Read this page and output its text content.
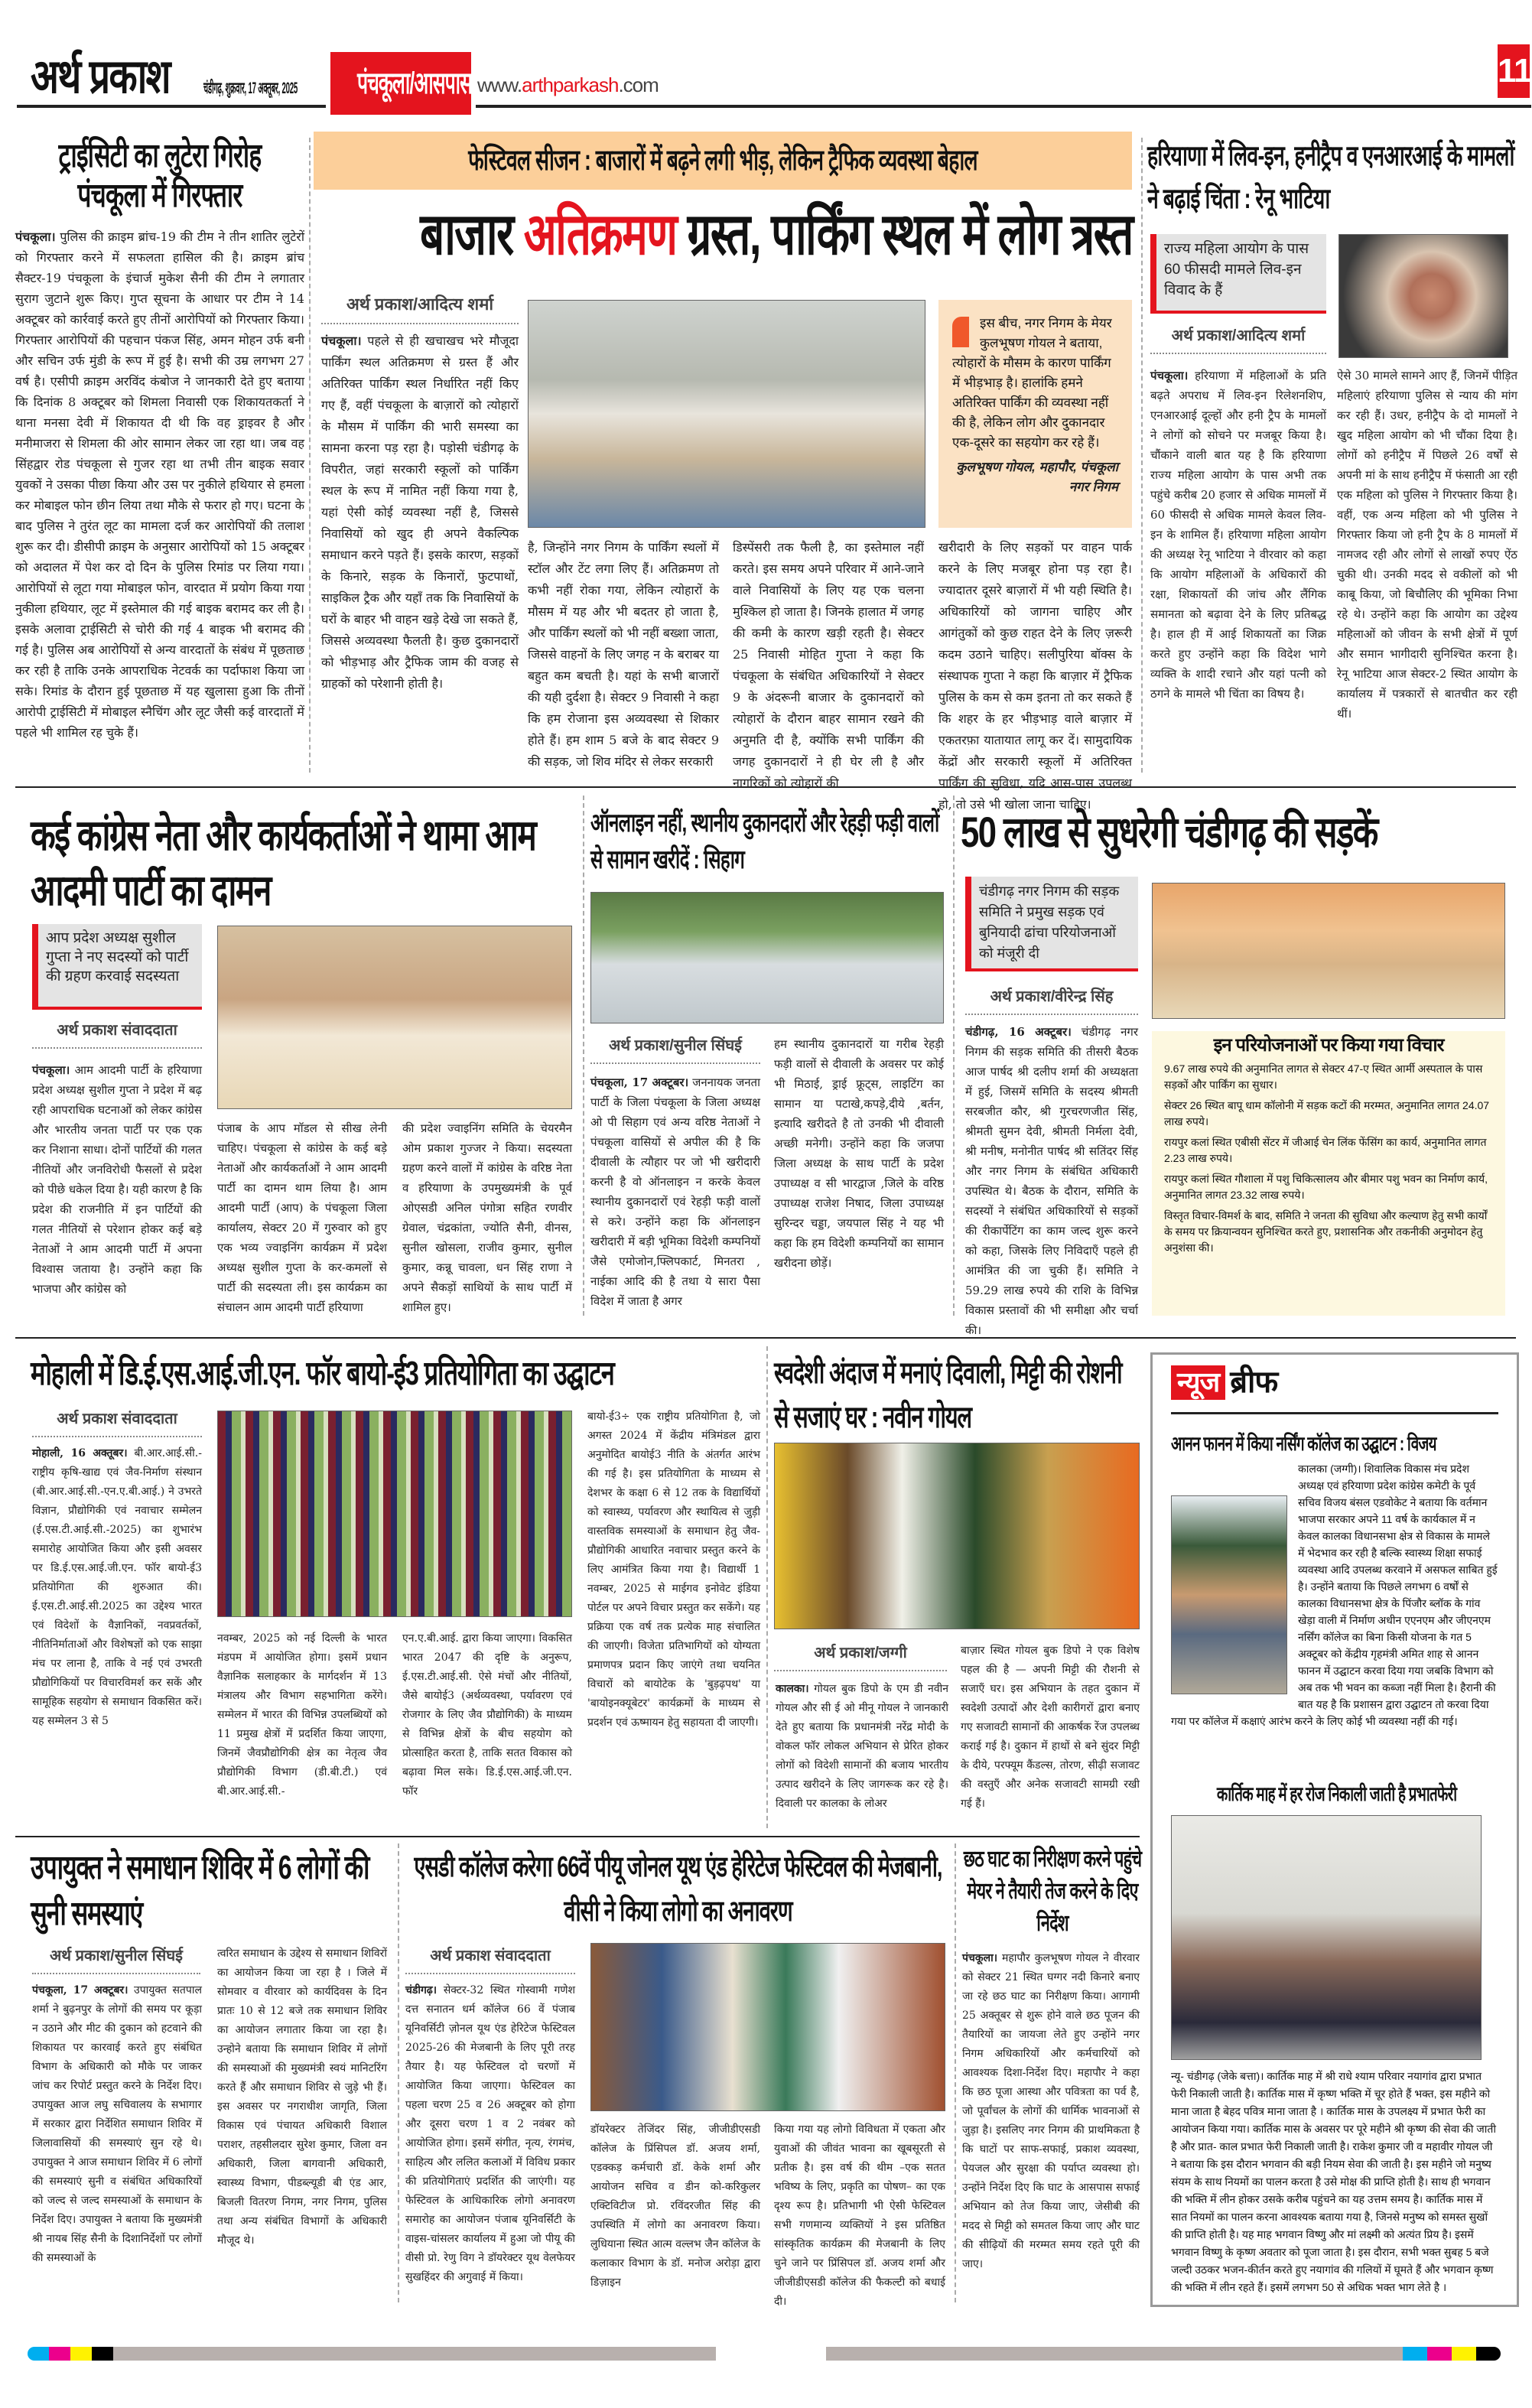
अर्थ प्रकाश चंडीगढ़, शुक्रवार, 17 अक्तूबर, 2025 पंचकूला/आसपास www.arthparkash.com	11
ट्राईसिटी का लुटेरा गिरोह
पंचकूला में गिरफ्तार
पंचकूला। पुलिस की क्राइम ब्रांच-19 की टीम ने तीन शातिर लुटेरों को गिरफ्तार करने में सफलता हासिल की है। क्राइम ब्रांच सैक्टर-19 पंचकूला के इंचार्ज मुकेश सैनी की टीम ने लगातार सुराग जुटाने शुरू किए। गुप्त सूचना के आधार पर टीम ने 14 अक्टूबर को कार्रवाई करते हुए तीनों आरोपियों को गिरफ्तार किया। गिरफ्तार आरोपियों की पहचान पंकज सिंह, अमन मोहन उर्फ बनी और सचिन उर्फ मुंडी के रूप में हुई है। सभी की उम्र लगभग 27 वर्ष है। एसीपी क्राइम अरविंद कंबोज ने जानकारी देते हुए बताया कि दिनांक 8 अक्टूबर को शिमला निवासी एक शिकायतकर्ता ने थाना मनसा देवी में शिकायत दी थी कि वह ड्राइवर है और मनीमाजरा से शिमला की ओर सामान लेकर जा रहा था। जब वह सिंहद्वार रोड पंचकूला से गुजर रहा था तभी तीन बाइक सवार युवकों ने उसका पीछा किया और उस पर नुकीले हथियार से हमला कर मोबाइल फोन छीन लिया तथा मौके से फरार हो गए। घटना के बाद पुलिस ने तुरंत लूट का मामला दर्ज कर आरोपियों की तलाश शुरू कर दी। डीसीपी क्राइम के अनुसार आरोपियों को 15 अक्टूबर को अदालत में पेश कर दो दिन के पुलिस रिमांड पर लिया गया। आरोपियों से लूटा गया मोबाइल फोन, वारदात में प्रयोग किया गया नुकीला हथियार, लूट में इस्तेमाल की गई बाइक बरामद कर ली है। इसके अलावा ट्राईसिटी से चोरी की गई 4 बाइक भी बरामद की गई है। पुलिस अब आरोपियों से अन्य वारदातों के संबंध में पूछताछ कर रही है ताकि उनके आपराधिक नेटवर्क का पर्दाफाश किया जा सके। रिमांड के दौरान हुई पूछताछ में यह खुलासा हुआ कि तीनों आरोपी ट्राईसिटी में मोबाइल स्नैचिंग और लूट जैसी कई वारदातों में पहले भी शामिल रह चुके हैं।
फेस्टिवल सीजन : बाजारों में बढ़ने लगी भीड़, लेकिन ट्रैफिक व्यवस्था बेहाल
बाजार अतिक्रमण ग्रस्त, पार्किंग स्थल में लोग त्रस्त
अर्थ प्रकाश/आदित्य शर्मा
पंचकूला। पहले से ही खचाखच भरे मौजूदा पार्किंग स्थल अतिक्रमण से ग्रस्त हैं और अतिरिक्त पार्किंग स्थल निर्धारित नहीं किए गए हैं, वहीं पंचकूला के बाज़ारों को त्योहारों के मौसम में पार्किंग की भारी समस्या का सामना करना पड़ रहा है। पड़ोसी चंडीगढ़ के विपरीत, जहां सरकारी स्कूलों को पार्किंग स्थल के रूप में नामित नहीं किया गया है, यहां ऐसी कोई व्यवस्था नहीं है, जिससे निवासियों को खुद ही अपने वैकल्पिक समाधान करने पड़ते हैं। इसके कारण, सड़कों के किनारे, सड़क के किनारों, फुटपाथों, साइकिल ट्रैक और यहाँ तक कि निवासियों के घरों के बाहर भी वाहन खड़े देखे जा सकते हैं, जिससे अव्यवस्था फैलती है। कुछ दुकानदारों को भीड़भाड़ और ट्रैफिक जाम की वजह से ग्राहकों को परेशानी होती है।
इस बीच, नगर निगम के मेयर कुलभूषण गोयल ने बताया, त्योहारों के मौसम के कारण पार्किंग में भीड़भाड़ है। हालांकि हमने अतिरिक्त पार्किंग की व्यवस्था नहीं की है, लेकिन लोग और दुकानदार एक-दूसरे का सहयोग कर रहे हैं।
कुलभूषण गोयल, महापौर, पंचकूला नगर निगम
है, जिन्होंने नगर निगम के पार्किंग स्थलों में स्टॉल और टेंट लगा लिए हैं। अतिक्रमण तो कभी नहीं रोका गया, लेकिन त्योहारों के मौसम में यह और भी बदतर हो जाता है, और पार्किंग स्थलों को भी नहीं बख्शा जाता, जिससे वाहनों के लिए जगह न के बराबर या बहुत कम बचती है। यहां के सभी बाजारों की यही दुर्दशा है। सेक्टर 9 निवासी ने कहा कि हम रोजाना इस अव्यवस्था से शिकार होते हैं। हम शाम 5 बजे के बाद सेक्टर 9 की सड़क, जो शिव मंदिर से लेकर सरकारी
डिस्पेंसरी तक फैली है, का इस्तेमाल नहीं करते। इस समय अपने परिवार में आने-जाने वाले निवासियों के लिए यह एक चलना मुश्किल हो जाता है। जिनके हालात में जगह की कमी के कारण खड़ी रहती है। सेक्टर 25 निवासी मोहित गुप्ता ने कहा कि पंचकूला के संबंधित अधिकारियों ने सेक्टर 9 के अंदरूनी बाजार के दुकानदारों को त्योहारों के दौरान बाहर सामान रखने की अनुमति दी है, क्योंकि सभी पार्किंग की जगह दुकानदारों ने ही घेर ली है और नागरिकों को त्योहारों की
खरीदारी के लिए सड़कों पर वाहन पार्क करने के लिए मजबूर होना पड़ रहा है। ज्यादातर दूसरे बाज़ारों में भी यही स्थिति है। अधिकारियों को जागना चाहिए और आगंतुकों को कुछ राहत देने के लिए ज़रूरी कदम उठाने चाहिए। सलीपुरिया बॉक्स के संस्थापक गुप्ता ने कहा कि बाज़ार में ट्रैफिक पुलिस के कम से कम इतना तो कर सकते हैं कि शहर के हर भीड़भाड़ वाले बाज़ार में एकतरफ़ा यातायात लागू कर दें। सामुदायिक केंद्रों और सरकारी स्कूलों में अतिरिक्त पार्किंग की सुविधा, यदि आस-पास उपलब्ध हो, तो उसे भी खोला जाना चाहिए।
हरियाणा में लिव-इन, हनीट्रैप व एनआरआई के मामलों ने बढ़ाई चिंता : रेनू भाटिया
राज्य महिला आयोग के पास 60 फीसदी मामले लिव-इन विवाद के हैं
अर्थ प्रकाश/आदित्य शर्मा
पंचकूला। हरियाणा में महिलाओं के प्रति बढ़ते अपराध में लिव-इन रिलेशनशिप, एनआरआई दूल्हों और हनी ट्रैप के मामलों ने लोगों को सोचने पर मजबूर किया है। चौंकाने वाली बात यह है कि हरियाणा राज्य महिला आयोग के पास अभी तक पहुंचे करीब 20 हजार से अधिक मामलों में 60 फीसदी से अधिक मामले केवल लिव-इन के शामिल हैं। हरियाणा महिला आयोग की अध्यक्ष रेनू भाटिया ने वीरवार को कहा कि आयोग महिलाओं के अधिकारों की रक्षा, शिकायतों की जांच और लैंगिक समानता को बढ़ावा देने के लिए प्रतिबद्ध है। हाल ही में आई शिकायतों का जिक्र करते हुए उन्होंने कहा कि विदेश भागे व्यक्ति के शादी रचाने और यहां पत्नी को ठगने के मामले भी चिंता का विषय है।
ऐसे 30 मामले सामने आए हैं, जिनमें पीड़ित महिलाएं हरियाणा पुलिस से न्याय की मांग कर रही हैं। उधर, हनीट्रैप के दो मामलों ने खुद महिला आयोग को भी चौंका दिया है। लोगों को हनीट्रैप में पिछले 26 वर्षों से अपनी मां के साथ हनीट्रैप में फंसाती आ रही एक महिला को पुलिस ने गिरफ्तार किया है। वहीं, एक अन्य महिला को भी पुलिस ने गिरफ्तार किया जो हनी ट्रैप के 8 मामलों में नामजद रही और लोगों से लाखों रुपए ऐंठ चुकी थी। उनकी मदद से वकीलों को भी काबू किया, जो बिचौलिए की भूमिका निभा रहे थे। उन्होंने कहा कि आयोग का उद्देश्य महिलाओं को जीवन के सभी क्षेत्रों में पूर्ण और समान भागीदारी सुनिश्चित करना है। रेनू भाटिया आज सेक्टर-2 स्थित आयोग के कार्यालय में पत्रकारों से बातचीत कर रही थीं।
कई कांग्रेस नेता और कार्यकर्ताओं ने थामा आम आदमी पार्टी का दामन
आप प्रदेश अध्यक्ष सुशील गुप्ता ने नए सदस्यों को पार्टी की ग्रहण करवाई सदस्यता
अर्थ प्रकाश संवाददाता
पंचकूला। आम आदमी पार्टी के हरियाणा प्रदेश अध्यक्ष सुशील गुप्ता ने प्रदेश में बढ़ रही आपराधिक घटनाओं को लेकर कांग्रेस और भारतीय जनता पार्टी पर एक एक कर निशाना साधा। दोनों पार्टियों की गलत नीतियों और जनविरोधी फैसलों से प्रदेश को पीछे धकेल दिया है। यही कारण है कि प्रदेश की राजनीति में इन पार्टियों की गलत नीतियों से परेशान होकर कई बड़े नेताओं ने आम आदमी पार्टी में अपना विश्वास जताया है। उन्होंने कहा कि भाजपा और कांग्रेस को
पंजाब के आप मॉडल से सीख लेनी चाहिए। पंचकूला से कांग्रेस के कई बड़े नेताओं और कार्यकर्ताओं ने आम आदमी पार्टी का दामन थाम लिया है। आम आदमी पार्टी (आप) के पंचकूला जिला कार्यालय, सेक्टर 20 में गुरुवार को हुए एक भव्य ज्वाइनिंग कार्यक्रम में प्रदेश अध्यक्ष सुशील गुप्ता के कर-कमलों से पार्टी की सदस्यता ली। इस कार्यक्रम का संचालन आम आदमी पार्टी हरियाणा
की प्रदेश ज्वाइनिंग समिति के चेयरमैन ओम प्रकाश गुज्जर ने किया। सदस्यता ग्रहण करने वालों में कांग्रेस के वरिष्ठ नेता व हरियाणा के उपमुख्यमंत्री के पूर्व ओएसडी अनिल पंगोत्रा सहित रणवीर ग्रेवाल, चंद्रकांता, ज्योति सैनी, वीनस, सुनील खोसला, राजीव कुमार, सुनील कुमार, कन्नू चावला, धन सिंह राणा ने अपने सैकड़ों साथियों के साथ पार्टी में शामिल हुए।
ऑनलाइन नहीं, स्थानीय दुकानदारों और रेहड़ी फड़ी वालों से सामान खरीदें : सिहाग
अर्थ प्रकाश/सुनील सिंघई
पंचकूला, 17 अक्टूबर। जननायक जनता पार्टी के जिला पंचकूला के जिला अध्यक्ष ओ पी सिहाग एवं अन्य वरिष्ठ नेताओं ने पंचकूला वासियों से अपील की है कि दीवाली के त्यौहार पर जो भी खरीदारी करनी है वो ऑनलाइन न करके केवल स्थानीय दुकानदारों एवं रेहड़ी फड़ी वालों से करे। उन्होंने कहा कि ऑनलाइन खरीदारी में बड़ी भूमिका विदेशी कम्पनियों जैसे एमोजोन,फ्लिपकार्ट, मिनतरा , नाईका आदि की है तथा ये सारा पैसा विदेश में जाता है अगर
हम स्थानीय दुकानदारों या गरीब रेहड़ी फड़ी वालों से दीवाली के अवसर पर कोई भी मिठाई, ड्राई फ्रूट्स, लाइटिंग का सामान या पटाखे,कपड़े,दीये ,बर्तन, इत्यादि खरीदते है तो उनकी भी दीवाली अच्छी मनेगी। उन्होंने कहा कि जजपा जिला अध्यक्ष के साथ पार्टी के प्रदेश उपाध्यक्ष व सी भारद्वाज ,जिले के वरिष्ठ उपाध्यक्ष राजेश निषाद, जिला उपाध्यक्ष सुरिन्दर चड्डा, जयपाल सिंह ने यह भी कहा कि हम विदेशी कम्पनियों का सामान खरीदना छोड़ें।
50 लाख से सुधरेगी चंडीगढ़ की सड़कें
चंडीगढ़ नगर निगम की सड़क समिति ने प्रमुख सड़क एवं बुनियादी ढांचा परियोजनाओं को मंजूरी दी
अर्थ प्रकाश/वीरेन्द्र सिंह
चंडीगढ़, 16 अक्टूबर। चंडीगढ़ नगर निगम की सड़क समिति की तीसरी बैठक आज पार्षद श्री दलीप शर्मा की अध्यक्षता में हुई, जिसमें समिति के सदस्य श्रीमती सरबजीत कौर, श्री गुरचरणजीत सिंह, श्रीमती सुमन देवी, श्रीमती निर्मला देवी, श्री मनीष, मनोनीत पार्षद श्री सतिंदर सिंह और नगर निगम के संबंधित अधिकारी उपस्थित थे। बैठक के दौरान, समिति के सदस्यों ने संबंधित अधिकारियों से सड़कों की रीकार्पेटिंग का काम जल्द शुरू करने को कहा, जिसके लिए निविदाएँ पहले ही आमंत्रित की जा चुकी हैं। समिति ने 59.29 लाख रुपये की राशि के विभिन्न विकास प्रस्तावों की भी समीक्षा और चर्चा की।
इन परियोजनाओं पर किया गया विचार
9.67 लाख रुपये की अनुमानित लागत से सेक्टर 47-ए स्थित आर्मी अस्पताल के पास सड़कों और पार्किंग का सुधार।
सेक्टर 26 स्थित बापू धाम कॉलोनी में सड़क कटों की मरम्मत, अनुमानित लागत 24.07 लाख रुपये।
रायपुर कलां स्थित एबीसी सेंटर में जीआई चेन लिंक फेंसिंग का कार्य, अनुमानित लागत 2.23 लाख रुपये।
रायपुर कलां स्थित गौशाला में पशु चिकित्सालय और बीमार पशु भवन का निर्माण कार्य, अनुमानित लागत 23.32 लाख रुपये।
विस्तृत विचार-विमर्श के बाद, समिति ने जनता की सुविधा और कल्याण हेतु सभी कार्यों के समय पर क्रियान्वयन सुनिश्चित करते हुए, प्रशासनिक और तकनीकी अनुमोदन हेतु अनुशंसा की।
मोहाली में डि.ई.एस.आई.जी.एन. फॉर बायो-ई3 प्रतियोगिता का उद्घाटन
अर्थ प्रकाश संवाददाता
मोहाली, 16 अक्तूबर। बी.आर.आई.सी.-राष्ट्रीय कृषि-खाद्य एवं जैव-निर्माण संस्थान (बी.आर.आई.सी.-एन.ए.बी.आई.) ने उभरते विज्ञान, प्रौद्योगिकी एवं नवाचार सम्मेलन (ई.एस.टी.आई.सी.-2025) का शुभारंभ समारोह आयोजित किया और इसी अवसर पर डि.ई.एस.आई.जी.एन. फॉर बायो-ई3 प्रतियोगिता की शुरुआत की। ई.एस.टी.आई.सी.2025 का उद्देश्य भारत एवं विदेशों के वैज्ञानिकों, नवप्रवर्तकों, नीतिनिर्माताओं और विशेषज्ञों को एक साझा मंच पर लाना है, ताकि वे नई एवं उभरती प्रौद्योगिकियों पर विचारविमर्श कर सकें और सामूहिक सहयोग से समाधान विकसित करें। यह सम्मेलन 3 से 5
नवम्बर, 2025 को नई दिल्ली के भारत मंडपम में आयोजित होगा। इसमें प्रधान वैज्ञानिक सलाहकार के मार्गदर्शन में 13 मंत्रालय और विभाग सहभागिता करेंगे। सम्मेलन में भारत की विभिन्न उपलब्धियों को 11 प्रमुख क्षेत्रों में प्रदर्शित किया जाएगा, जिनमें जैवप्रौद्योगिकी क्षेत्र का नेतृत्व जैव प्रौद्योगिकी विभाग (डी.बी.टी.) एवं बी.आर.आई.सी.-
एन.ए.बी.आई. द्वारा किया जाएगा। विकसित भारत 2047 की दृष्टि के अनुरूप, ई.एस.टी.आई.सी. ऐसे मंचों और नीतियों, जैसे बायोई3 (अर्थव्यवस्था, पर्यावरण एवं रोजगार के लिए जैव प्रौद्योगिकी) के माध्यम से विभिन्न क्षेत्रों के बीच सहयोग को प्रोत्साहित करता है, ताकि सतत विकास को बढ़ावा मिल सके। डि.ई.एस.आई.जी.एन. फॉर
बायो-ई3÷ एक राष्ट्रीय प्रतियोगिता है, जो अगस्त 2024 में केंद्रीय मंत्रिमंडल द्वारा अनुमोदित बायोई3 नीति के अंतर्गत आरंभ की गई है। इस प्रतियोगिता के माध्यम से देशभर के कक्षा 6 से 12 तक के विद्यार्थियों को स्वास्थ्य, पर्यावरण और स्थायित्व से जुड़ी वास्तविक समस्याओं के समाधान हेतु जैव-प्रौद्योगिकी आधारित नवाचार प्रस्तुत करने के लिए आमंत्रित किया गया है। विद्यार्थी 1 नवम्बर, 2025 से माईगव इनोवेट इंडिया पोर्टल पर अपने विचार प्रस्तुत कर सकेंगे। यह प्रक्रिया एक वर्ष तक प्रत्येक माह संचालित की जाएगी। विजेता प्रतिभागियों को योग्यता प्रमाणपत्र प्रदान किए जाएंगे तथा चयनित विचारों को बायोटेक के 'बुड़ढ़पथ' या 'बायोइनक्यूबेटर' कार्यक्रमों के माध्यम से प्रदर्शन एवं ऊष्मायन हेतु सहायता दी जाएगी।
स्वदेशी अंदाज में मनाएं दिवाली, मिट्टी की रोशनी से सजाएं घर : नवीन गोयल
अर्थ प्रकाश/जग्गी
कालका। गोयल बुक डिपो के एम डी नवीन गोयल और सी ई ओ मीनू गोयल ने जानकारी देते हुए बताया कि प्रधानमंत्री नरेंद्र मोदी के वोकल फॉर लोकल अभियान से प्रेरित होकर लोगों को विदेशी सामानों की बजाय भारतीय उत्पाद खरीदने के लिए जागरूक कर रहे है। दिवाली पर कालका के लोअर
बाज़ार स्थित गोयल बुक डिपो ने एक विशेष पहल की है — अपनी मिट्टी की रौशनी से सजाएँ घर। इस अभियान के तहत दुकान में स्वदेशी उत्पादों और देशी कारीगरों द्वारा बनाए गए सजावटी सामानों की आकर्षक रेंज उपलब्ध कराई गई है। दुकान में हाथों से बने सुंदर मिट्टी के दीये, परफ्यूम कैंडल्स, तोरण, सीढ़ी सजावट की वस्तुएँ और अनेक सजावटी सामग्री रखी गई हैं।
न्यूज ब्रीफ
आनन फानन में किया नर्सिंग कॉलेज का उद्घाटन : विजय
कालका (जग्गी)। शिवालिक विकास मंच प्रदेश अध्यक्ष एवं हरियाणा प्रदेश कांग्रेस कमेटी के पूर्व सचिव विजय बंसल एडवोकेट ने बताया कि वर्तमान भाजपा सरकार अपने 11 वर्ष के कार्यकाल में न केवल कालका विधानसभा क्षेत्र से विकास के मामले में भेदभाव कर रही है बल्कि स्वास्थ्य शिक्षा सफाई व्यवस्था आदि उपलब्ध करवाने में असफल साबित हुई है। उन्होंने बताया कि पिछले लगभग 6 वर्षों से कालका विधानसभा क्षेत्र के पिंजौर ब्लॉक के गांव खेड़ा वाली में निर्माण अधीन एएनएम और जीएनएम नर्सिंग कॉलेज का बिना किसी योजना के गत 5 अक्टूबर को केंद्रीय गृहमंत्री अमित शाह से आनन फानन में उद्घाटन करवा दिया गया जबकि विभाग को अब तक भी भवन का कब्जा नहीं मिला है। हैरानी की बात यह है कि प्रशासन द्वारा उद्घाटन तो करवा दिया गया पर कॉलेज में कक्षाएं आरंभ करने के लिए कोई भी व्यवस्था नहीं की गई।
कार्तिक माह में हर रोज निकाली जाती है प्रभातफेरी
न्यू- चंडीगढ़ (जेके बत्ता)। कार्तिक माह में श्री राधे श्याम परिवार नयागांव द्वारा प्रभात फेरी निकाली जाती है। कार्तिक मास में कृष्ण भक्ति में चूर होते हैं भक्त, इस महीने को माना जाता है बेहद पवित्र माना जाता है । कार्तिक मास के उपलक्ष्य में प्रभात फेरी का आयोजन किया गया। कार्तिक मास के अवसर पर पूरे महीने श्री कृष्ण की सेवा की जाती है और प्रात- काल प्रभात फेरी निकाली जाती है। राकेश कुमार जी व महावीर गोयल जी ने बताया कि इस दौरान भगवान की बड़ी नियम सेवा की जाती है। इस महीने जो मनुष्य संयम के साथ नियमों का पालन करता है उसे मोक्ष की प्राप्ति होती है। साथ ही भगवान की भक्ति में लीन होकर उसके करीब पहुंचने का यह उत्तम समय है। कार्तिक मास में सात नियमों का पालन करना आवश्यक बताया गया है, जिनसे मनुष्य को समस्त सुखों की प्राप्ति होती है। यह माह भगवान विष्णु और मां लक्ष्मी को अत्यंत प्रिय है। इसमें भगवान विष्णु के कृष्ण अवतार को पूजा जाता है। इस दौरान, सभी भक्त सुबह 5 बजे जल्दी उठकर भजन-कीर्तन करते हुए नयागांव की गलियों में घूमते हैं और भगवान कृष्ण की भक्ति में लीन रहते हैं। इसमें लगभग 50 से अधिक भक्त भाग लेते है ।
उपायुक्त ने समाधान शिविर में 6 लोगों की सुनी समस्याएं
अर्थ प्रकाश/सुनील सिंघई
पंचकूला, 17 अक्टूबर। उपायुक्त सतपाल शर्मा ने बुढ़नपुर के लोगों की समय पर कूड़ा न उठाने और मीट की दुकान को हटवाने की शिकायत पर कारवाई करते हुए संबंधित विभाग के अधिकारी को मौके पर जाकर जांच कर रिपोर्ट प्रस्तुत करने के निर्देश दिए। उपायुक्त आज लघु सचिवालय के सभागार में सरकार द्वारा निर्देशित समाधान शिविर में जिलावासियों की समस्याएं सुन रहे थे। उपायुक्त ने आज समाधान शिविर में 6 लोगों की समस्याएं सुनी व संबंधित अधिकारियों को जल्द से जल्द समस्याओं के समाधान के निर्देश दिए। उपायुक्त ने बताया कि मुख्यमंत्री श्री नायब सिंह सैनी के दिशानिर्देशों पर लोगों की समस्याओं के
त्वरित समाधान के उद्देश्य से समाधान शिविरों का आयोजन किया जा रहा है । जिले में सोमवार व वीरवार को कार्यदिवस के दिन प्रातः 10 से 12 बजे तक समाधान शिविर का आयोजन लगातार किया जा रहा है। उन्होने बताया कि समाधान शिविर में लोगों की समस्याओं की मुख्यमंत्री स्वयं मानिटरिंग करते हैं और समाधान शिविर से जुड़े भी हैं। इस अवसर पर नगराधीश जागृति, जिला विकास एवं पंचायत अधिकारी विशाल पराशर, तहसीलदार सुरेश कुमार, जिला वन अधिकारी, जिला बागवानी अधिकारी, स्वास्थ्य विभाग, पीडब्ल्यूडी बी एंड आर, बिजली वितरण निगम, नगर निगम, पुलिस तथा अन्य संबंधित विभागों के अधिकारी मौजूद थे।
एसडी कॉलेज करेगा 66वें पीयू जोनल यूथ एंड हेरिटेज फेस्टिवल की मेजबानी, वीसी ने किया लोगो का अनावरण
अर्थ प्रकाश संवाददाता
चंडीगढ़। सेक्टर-32 स्थित गोस्वामी गणेश दत्त सनातन धर्म कॉलेज 66 वें पंजाब यूनिवर्सिटी ज़ोनल यूथ एंड हेरिटेज फेस्टिवल 2025-26 की मेजबानी के लिए पूरी तरह तैयार है। यह फेस्टिवल दो चरणों में आयोजित किया जाएगा। फेस्टिवल का पहला चरण 25 व 26 अक्टूबर को होगा और दूसरा चरण 1 व 2 नवंबर को आयोजित होगा। इसमें संगीत, नृत्य, रंगमंच, साहित्य और ललित कलाओं में विविध प्रकार की प्रतियोगिताएं प्रदर्शित की जाएंगी। यह फेस्टिवल के आधिकारिक लोगो अनावरण समारोह का आयोजन पंजाब यूनिवर्सिटी के वाइस-चांसलर कार्यालय में हुआ जो पीयू की वीसी प्रो. रेणु विग ने डॉयरेक्टर यूथ वेलफेयर सुखहिंदर की अगुवाई में किया।
डॉयरेक्टर तेजिंदर सिंह, जीजीडीएसडी कॉलेज के प्रिंसिपल डॉ. अजय शर्मा, एडक्कड़ कर्मचारी डॉ. केके शर्मा और आयोजन सचिव व डीन को-करिकुलर एक्टिविटीज प्रो. रविंदरजीत सिंह की उपस्थिति में लोगो का अनावरण किया। लुधियाना स्थित आत्म वल्लभ जैन कॉलेज के कलाकार विभाग के डॉ. मनोज अरोड़ा द्वारा डिज़ाइन
किया गया यह लोगो विविधता में एकता और युवाओं की जीवंत भावना का खूबसूरती से प्रतीक है। इस वर्ष की थीम –एक सतत भविष्य के लिए, प्रकृति का पोषण– का एक दृश्य रूप है। प्रतिभागी भी ऐसी फेस्टिवल सभी गणमान्य व्यक्तियों ने इस प्रतिष्ठित सांस्कृतिक कार्यक्रम की मेजबानी के लिए चुने जाने पर प्रिंसिपल डॉ. अजय शर्मा और जीजीडीएसडी कॉलेज की फैकल्टी को बधाई दी।
छठ घाट का निरीक्षण करने पहुंचे मेयर ने तैयारी तेज करने के दिए निर्देश
पंचकूला। महापौर कुलभूषण गोयल ने वीरवार को सेक्टर 21 स्थित घग्गर नदी किनारे बनाए जा रहे छठ घाट का निरीक्षण किया। आगामी 25 अक्तूबर से शुरू होने वाले छठ पूजन की तैयारियों का जायजा लेते हुए उन्होंने नगर निगम अधिकारियों और कर्मचारियों को आवश्यक दिशा-निर्देश दिए। महापौर ने कहा कि छठ पूजा आस्था और पवित्रता का पर्व है, जो पूर्वांचल के लोगों की धार्मिक भावनाओं से जुड़ा है। इसलिए नगर निगम की प्राथमिकता है कि घाटों पर साफ-सफाई, प्रकाश व्यवस्था, पेयजल और सुरक्षा की पर्याप्त व्यवस्था हो। उन्होंने निर्देश दिए कि घाट के आसपास सफाई अभियान को तेज किया जाए, जेसीबी की मदद से मिट्टी को समतल किया जाए और घाट की सीढ़ियों की मरम्मत समय रहते पूरी की जाए।
